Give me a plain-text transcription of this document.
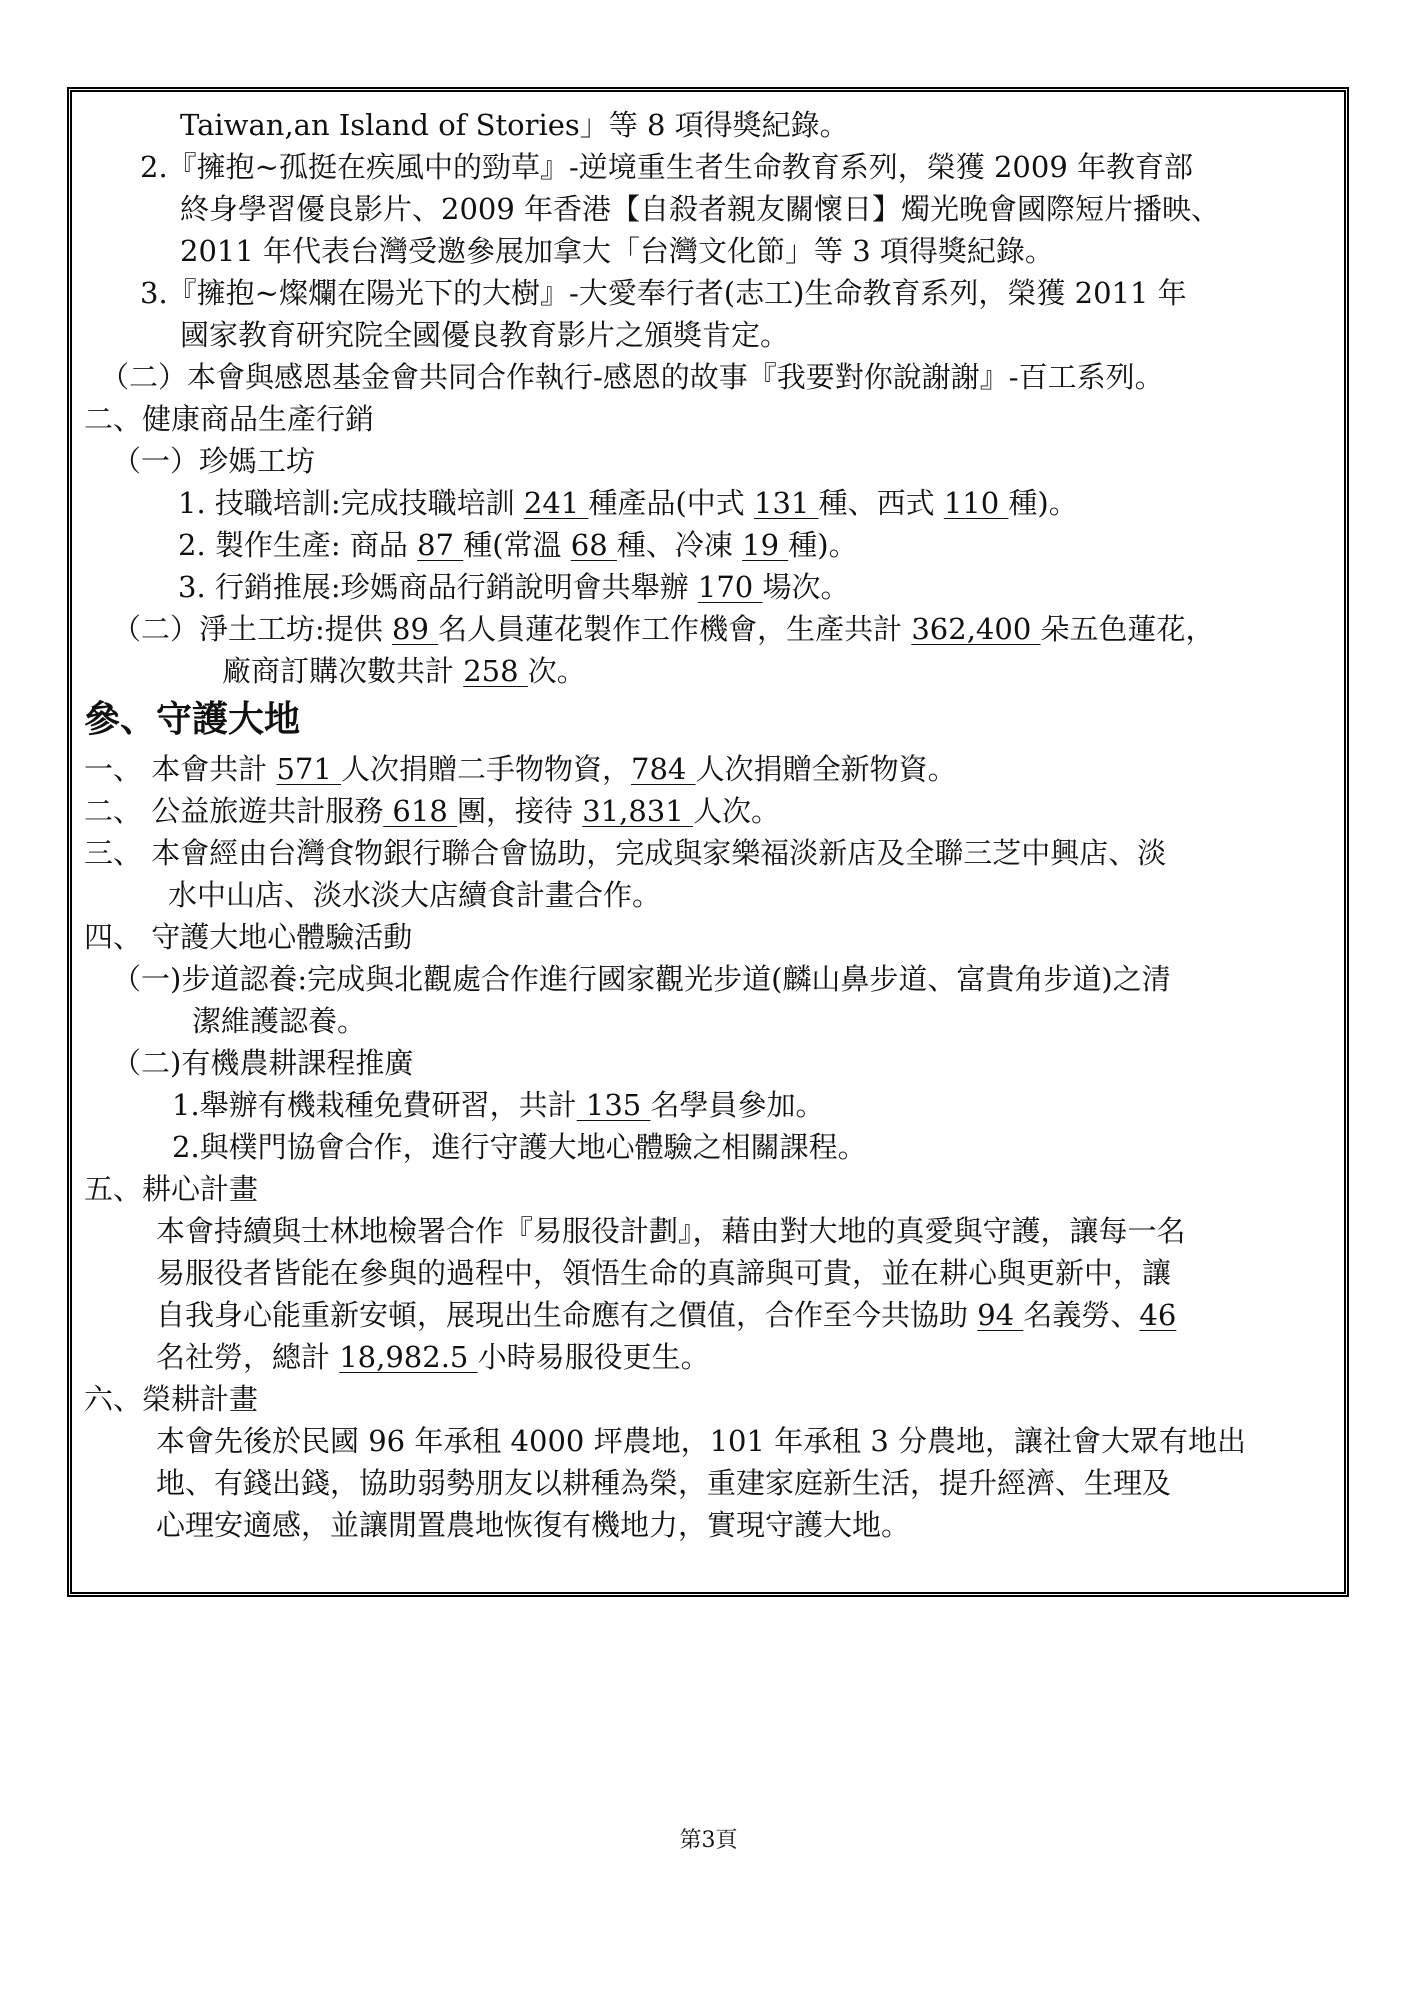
Taiwan,an Island of Stories」等 8 項得獎紀錄。
2.『擁抱~孤挺在疾風中的勁草』-逆境重生者生命教育系列，榮獲 2009 年教育部
終身學習優良影片、2009 年香港【自殺者親友關懷日】燭光晚會國際短片播映、
2011 年代表台灣受邀參展加拿大「台灣文化節」等 3 項得獎紀錄。
3.『擁抱~燦爛在陽光下的大樹』-大愛奉行者(志工)生命教育系列，榮獲 2011 年
國家教育研究院全國優良教育影片之頒獎肯定。
（二）本會與感恩基金會共同合作執行-感恩的故事『我要對你說謝謝』-百工系列。
二、健康商品生產行銷
（一）珍媽工坊
1. 技職培訓:完成技職培訓 241 種產品(中式 131 種、西式 110 種)。
2. 製作生產: 商品 87 種(常溫 68 種、冷凍 19 種)。
3. 行銷推展:珍媽商品行銷說明會共舉辦 170 場次。
（二）淨土工坊:提供 89 名人員蓮花製作工作機會，生產共計 362,400 朵五色蓮花，
廠商訂購次數共計 258 次。
參、守護大地
一、 本會共計 571 人次捐贈二手物物資，784 人次捐贈全新物資。
二、 公益旅遊共計服務 618 團，接待 31,831 人次。
三、 本會經由台灣食物銀行聯合會協助，完成與家樂福淡新店及全聯三芝中興店、淡
水中山店、淡水淡大店續食計畫合作。
四、 守護大地心體驗活動
（一)步道認養:完成與北觀處合作進行國家觀光步道(麟山鼻步道、富貴角步道)之清
潔維護認養。
（二)有機農耕課程推廣
1.舉辦有機栽種免費研習，共計 135 名學員參加。
2.與樸門協會合作，進行守護大地心體驗之相關課程。
五、耕心計畫
本會持續與士林地檢署合作『易服役計劃』，藉由對大地的真愛與守護，讓每一名
易服役者皆能在參與的過程中，領悟生命的真諦與可貴，並在耕心與更新中，讓
自我身心能重新安頓，展現出生命應有之價值，合作至今共協助 94 名義勞、46
名社勞，總計 18,982.5 小時易服役更生。
六、榮耕計畫
本會先後於民國 96 年承租 4000 坪農地，101 年承租 3 分農地，讓社會大眾有地出
地、有錢出錢，協助弱勢朋友以耕種為榮，重建家庭新生活，提升經濟、生理及
心理安適感，並讓閒置農地恢復有機地力，實現守護大地。
第3頁
